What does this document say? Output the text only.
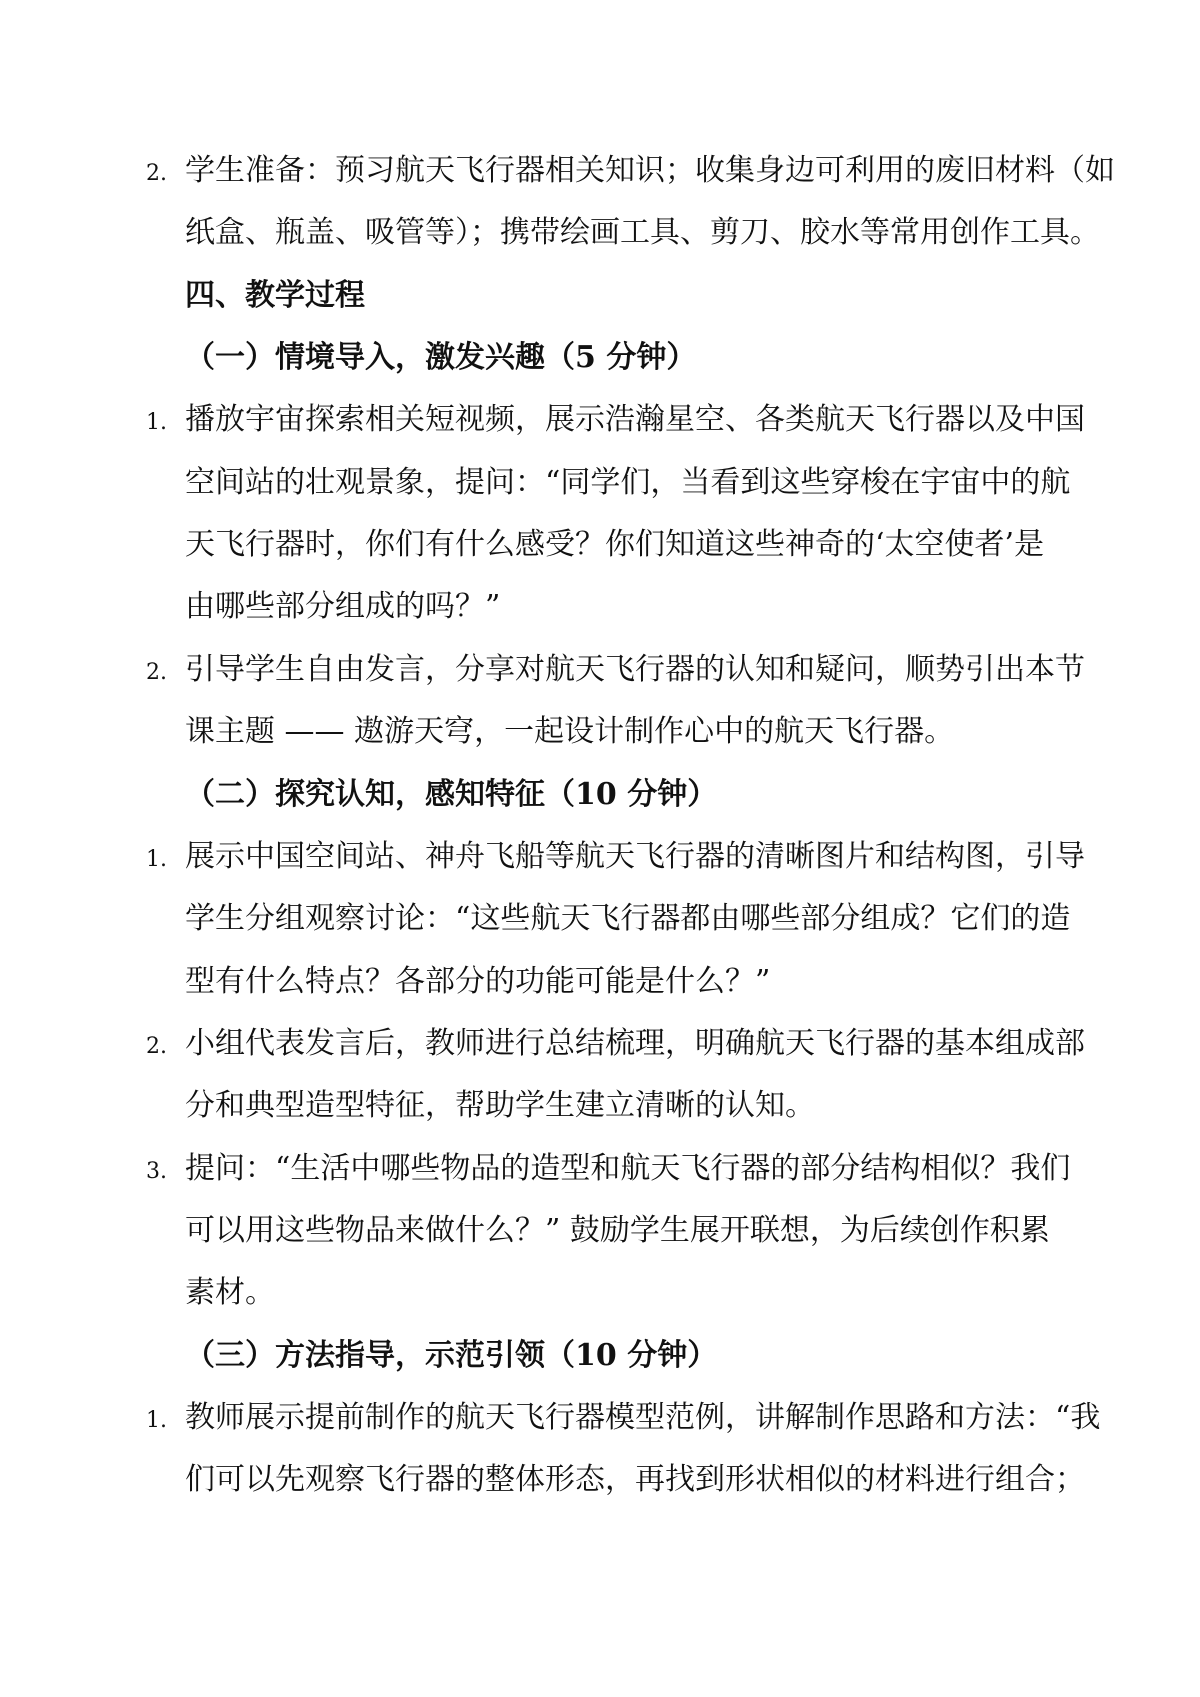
2. 学生准备：预习航天飞行器相关知识；收集身边可利用的废旧材料（如
纸盒、瓶盖、吸管等）；携带绘画工具、剪刀、胶水等常用创作工具。
四、教学过程
（一）情境导入，激发兴趣（5 分钟）
1. 播放宇宙探索相关短视频，展示浩瀚星空、各类航天飞行器以及中国
空间站的壮观景象，提问：“同学们，当看到这些穿梭在宇宙中的航
天飞行器时，你们有什么感受？你们知道这些神奇的‘太空使者’是
由哪些部分组成的吗？”
2. 引导学生自由发言，分享对航天飞行器的认知和疑问，顺势引出本节
课主题 —— 遨游天穹，一起设计制作心中的航天飞行器。
（二）探究认知，感知特征（10 分钟）
1. 展示中国空间站、神舟飞船等航天飞行器的清晰图片和结构图，引导
学生分组观察讨论：“这些航天飞行器都由哪些部分组成？它们的造
型有什么特点？各部分的功能可能是什么？”
2. 小组代表发言后，教师进行总结梳理，明确航天飞行器的基本组成部
分和典型造型特征，帮助学生建立清晰的认知。
3. 提问：“生活中哪些物品的造型和航天飞行器的部分结构相似？我们
可以用这些物品来做什么？” 鼓励学生展开联想，为后续创作积累
素材。
（三）方法指导，示范引领（10 分钟）
1. 教师展示提前制作的航天飞行器模型范例，讲解制作思路和方法：“我
们可以先观察飞行器的整体形态，再找到形状相似的材料进行组合；
